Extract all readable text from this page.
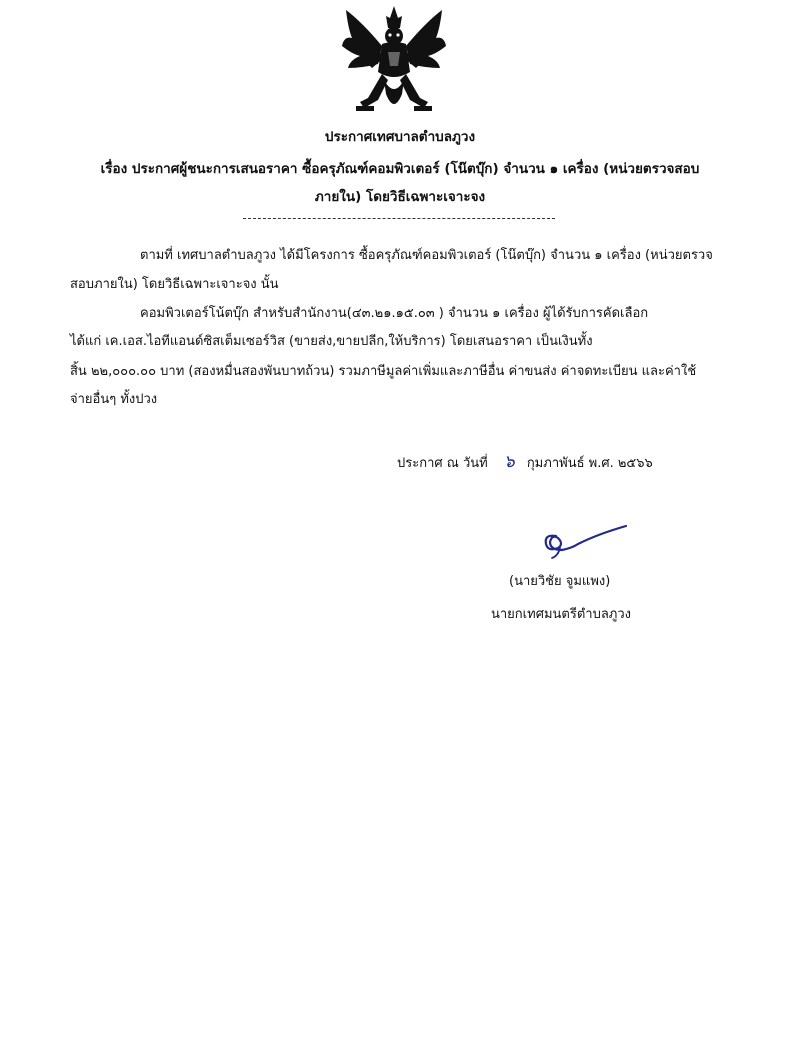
ประกาศเทศบาลตำบลภูวง
เรื่อง ประกาศผู้ชนะการเสนอราคา ซื้อครุภัณฑ์คอมพิวเตอร์ (โน๊ตบุ๊ก) จำนวน ๑ เครื่อง (หน่วยตรวจสอบ
ภายใน) โดยวิธีเฉพาะเจาะจง
ตามที่ เทศบาลตำบลภูวง ได้มีโครงการ ซื้อครุภัณฑ์คอมพิวเตอร์ (โน๊ตบุ๊ก) จำนวน ๑ เครื่อง (หน่วยตรวจ
สอบภายใน) โดยวิธีเฉพาะเจาะจง นั้น
คอมพิวเตอร์โน้ตบุ๊ก สำหรับสำนักงาน(๔๓.๒๑.๑๕.๐๓ ) จำนวน ๑ เครื่อง ผู้ได้รับการคัดเลือก
ได้แก่ เค.เอส.ไอทีแอนด์ซิสเต็มเซอร์วิส (ขายส่ง,ขายปลีก,ให้บริการ) โดยเสนอราคา เป็นเงินทั้ง
สิ้น ๒๒,๐๐๐.๐๐ บาท (สองหมื่นสองพันบาทถ้วน) รวมภาษีมูลค่าเพิ่มและภาษีอื่น ค่าขนส่ง ค่าจดทะเบียน และค่าใช้
จ่ายอื่นๆ ทั้งปวง
ประกาศ ณ วันที่ ๖ กุมภาพันธ์ พ.ศ. ๒๕๖๖
(นายวิชัย จูมแพง)
นายกเทศมนตรีตำบลภูวง
